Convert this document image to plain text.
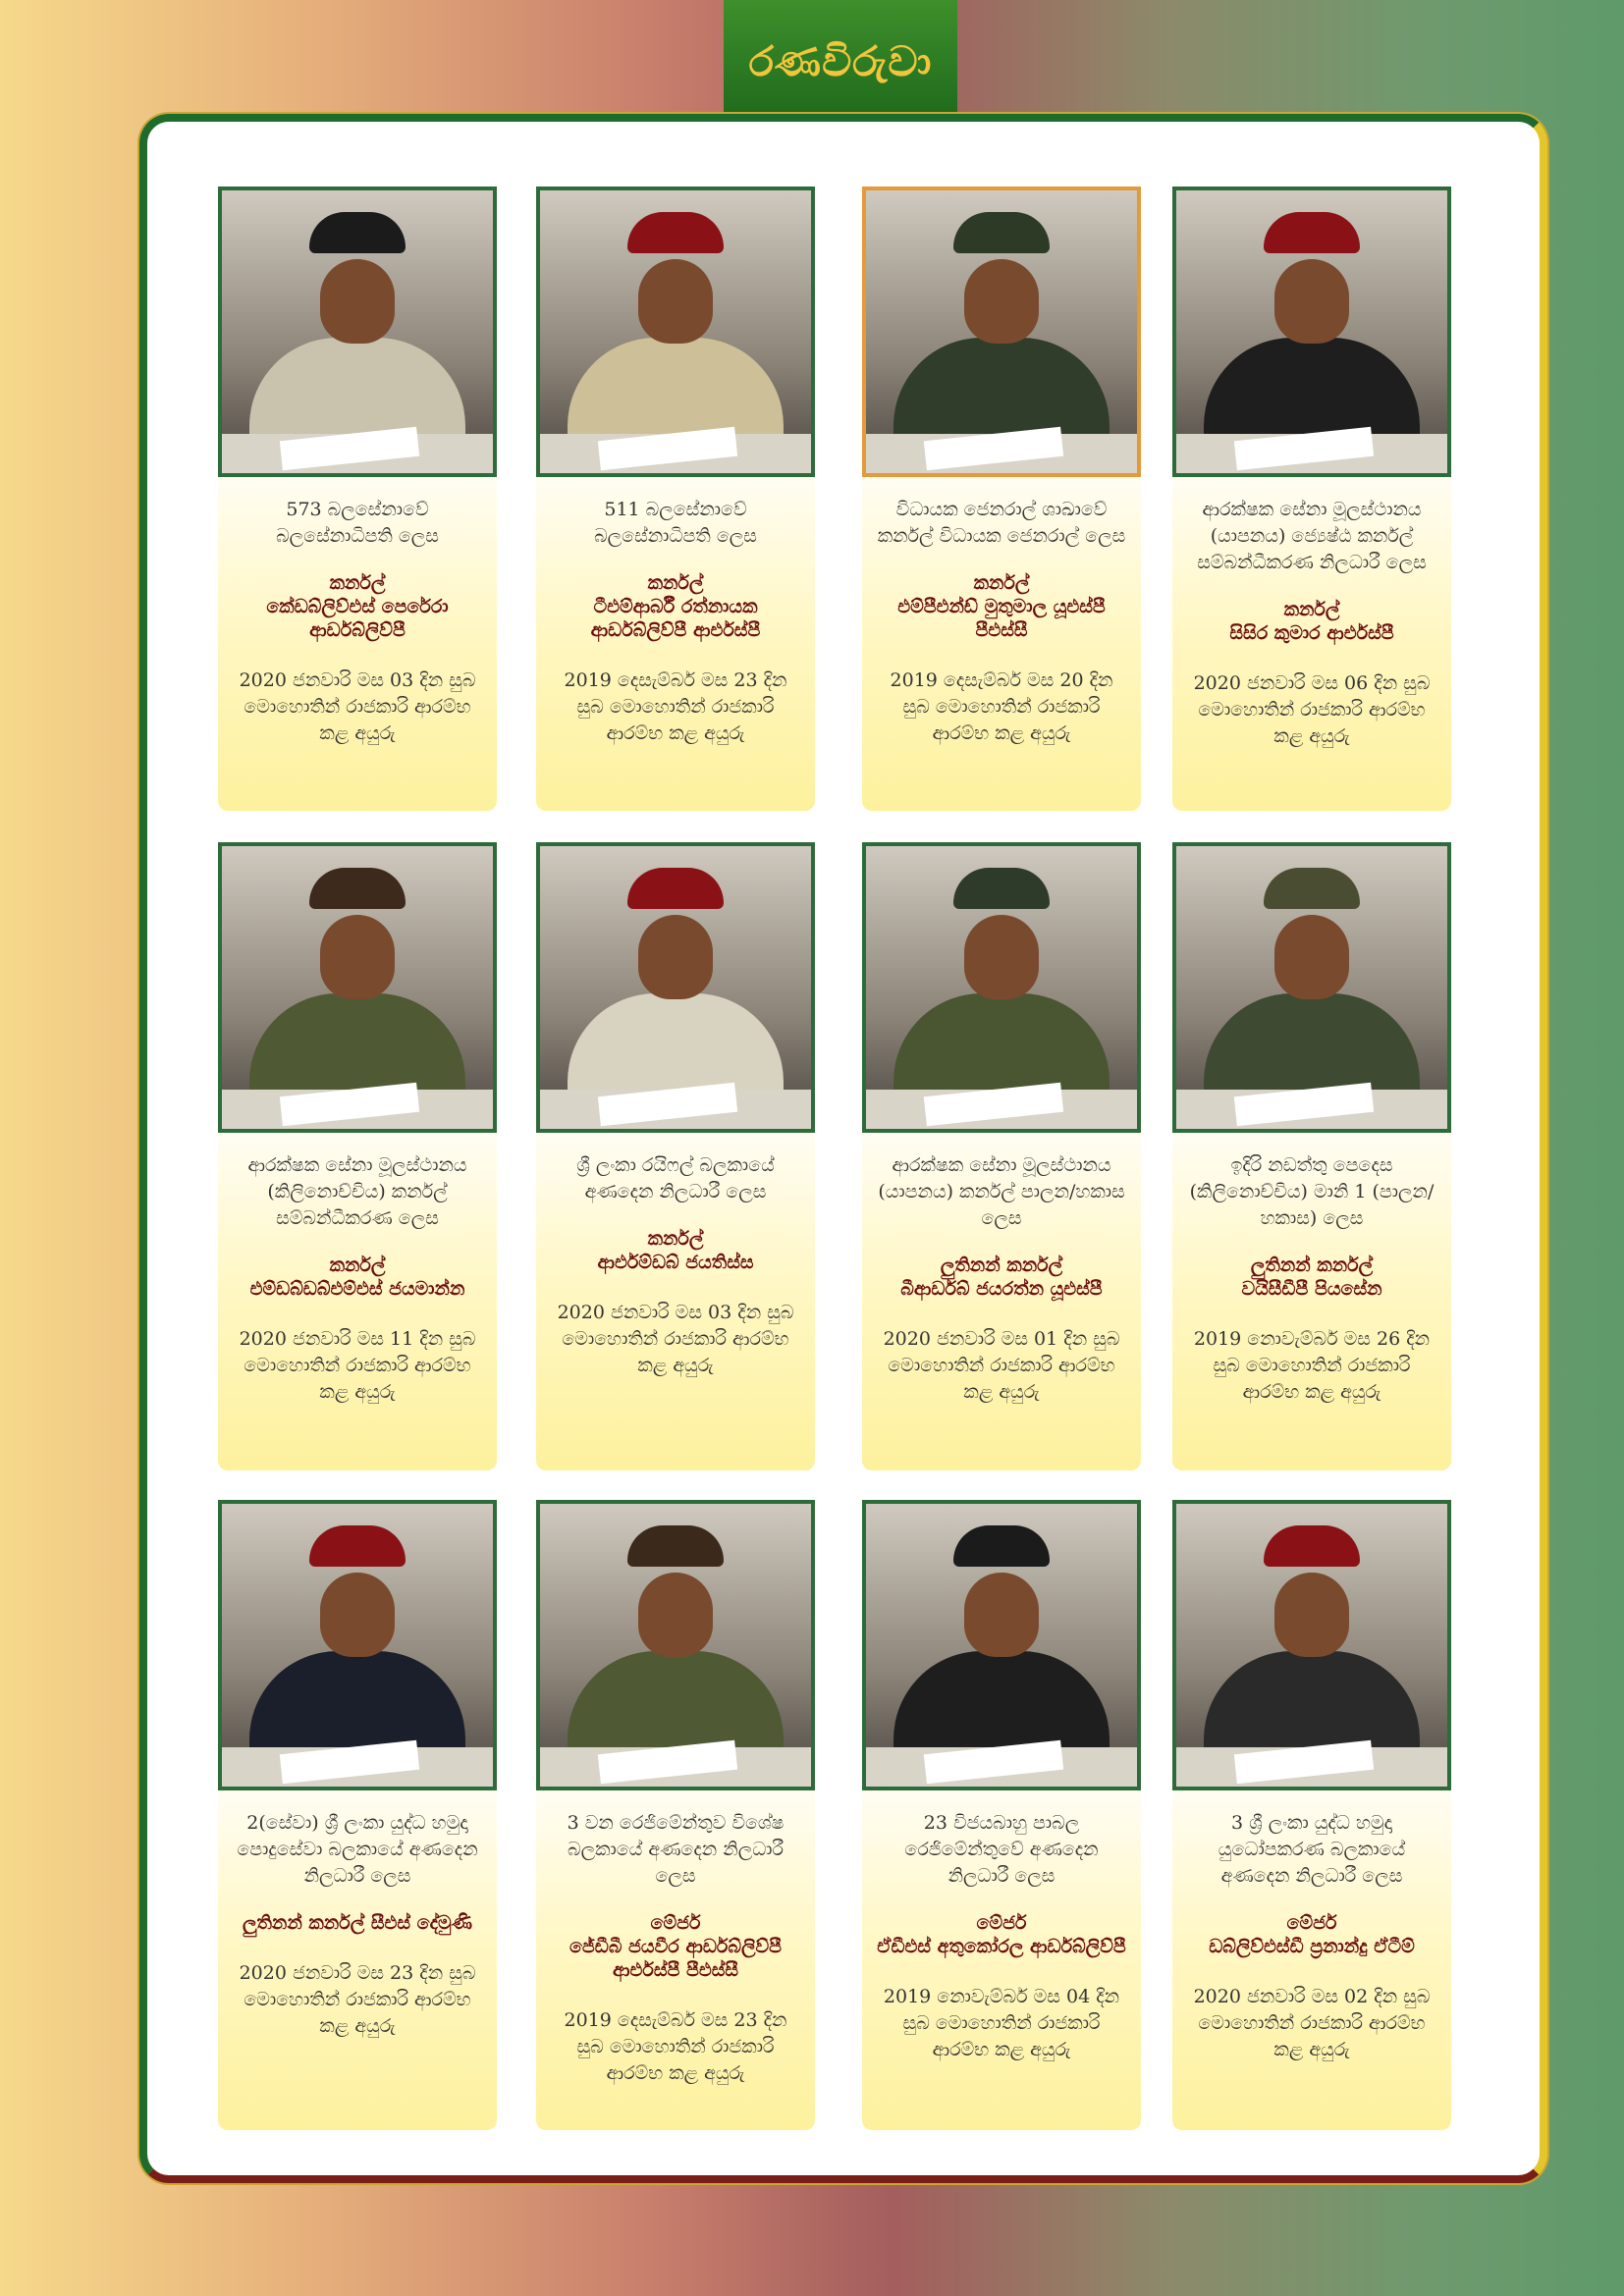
රණවිරුවා
573 බලසේනාවේ බලසේනාධිපති ලෙස
කර්නල්
කේඩබ්ලිව්එස් පෙරේරා ආර්ඩබ්ලිව්පී
2020 ජනවාරි මස 03 දින සුබ මොහොතින් රාජකාරි ආරම්භ කළ අයුරු
511 බලසේනාවේ බලසේනාධිපති ලෙස
කර්නල්
ටීඑම්ආර්බී රත්නායක ආර්ඩබ්ලිව්පී ආර්එස්පී
2019 දෙසැම්බර් මස 23 දින සුබ මොහොතින් රාජකාරි ආරම්භ කළ අයුරු
විධායක ජෙනරාල් ශාඛාවේ කර්නල් විධායක ජෙනරාල් ලෙස
කර්නල්
එම්පීඑන්ඩ් මුතුමාල යූඑස්පී පීඑස්සී
2019 දෙසැම්බර් මස 20 දින සුබ මොහොතින් රාජකාරි ආරම්භ කළ අයුරු
ආරක්ෂක සේනා මූලස්ථානය (යාපනය) ජ්‍යෙෂ්ඨ කර්නල් සම්බන්ධීකරණ නිලධාරී ලෙස
කර්නල්
සිසිර කුමාර ආර්එස්පී
2020 ජනවාරි මස 06 දින සුබ මොහොතින් රාජකාරි ආරම්භ කළ අයුරු
ආරක්ෂක සේනා මූලස්ථානය (කිලිනොච්චිය) කර්නල් සම්බන්ධීකරණ ලෙස
කර්නල්
එම්ඩබ්ඩබ්එම්එස් ජයමාන්න
2020 ජනවාරි මස 11 දින සුබ මොහොතින් රාජකාරි ආරම්භ කළ අයුරු
ශ්‍රී ලංකා රයිෆල් බලකායේ අණදෙන නිලධාරී ලෙස
කර්නල්
ආර්එම්ඩබ් ජයතිස්ස
2020 ජනවාරි මස 03 දින සුබ මොහොතින් රාජකාරි ආරම්භ කළ අයුරු
ආරක්ෂක සේනා මූලස්ථානය (යාපනය) කර්නල් පාලන/හකාස ලෙස
ලුතිනන් කර්නල්
බීආර්ඩබ් ජයරත්න යූඑස්පී
2020 ජනවාරි මස 01 දින සුබ මොහොතින් රාජකාරි ආරම්භ කළ අයුරු
ඉදිරි නඩත්තු පෙදෙස (කිලිනොච්චිය) මානි 1 (පාලන/හකාස) ලෙස
ලුතිනන් කර්නල්
වයිසීඩීපී පියසේන
2019 නොවැම්බර් මස 26 දින සුබ මොහොතින් රාජකාරි ආරම්භ කළ අයුරු
2(සේවා) ශ්‍රී ලංකා යුද්ධ හමුදා පොදුසේවා බලකායේ අණදෙන නිලධාරී ලෙස
ලුතිනන් කර්නල් සීඑස් දේමුණි
2020 ජනවාරි මස 23 දින සුබ මොහොතින් රාජකාරි ආරම්භ කළ අයුරු
3 වන රෙජිමේන්තුව විශේෂ බලකායේ අණදෙන නිලධාරී ලෙස
මේජර්
ජේඩීබී ජයවීර ආර්ඩබ්ලිව්පී ආර්එස්පී පීඑස්සී
2019 දෙසැම්බර් මස 23 දින සුබ මොහොතින් රාජකාරි ආරම්භ කළ අයුරු
23 විජයබාහු පාබල රෙජිමේන්තුවේ අණදෙන නිලධාරී ලෙස
මේජර්
ඒඩීඑස් අතුකෝරල ආර්ඩබ්ලිව්පී
2019 නොවැම්බර් මස 04 දින සුබ මොහොතින් රාජකාරි ආරම්භ කළ අයුරු
3 ශ්‍රී ලංකා යුද්ධ හමුදා යුධෝපකරණ බලකායේ අණදෙන නිලධාරී ලෙස
මේජර්
ඩබ්ලිව්එස්ඩී ප්‍රනාන්දු ඒටීම්
2020 ජනවාරි මස 02 දින සුබ මොහොතින් රාජකාරි ආරම්භ කළ අයුරු
